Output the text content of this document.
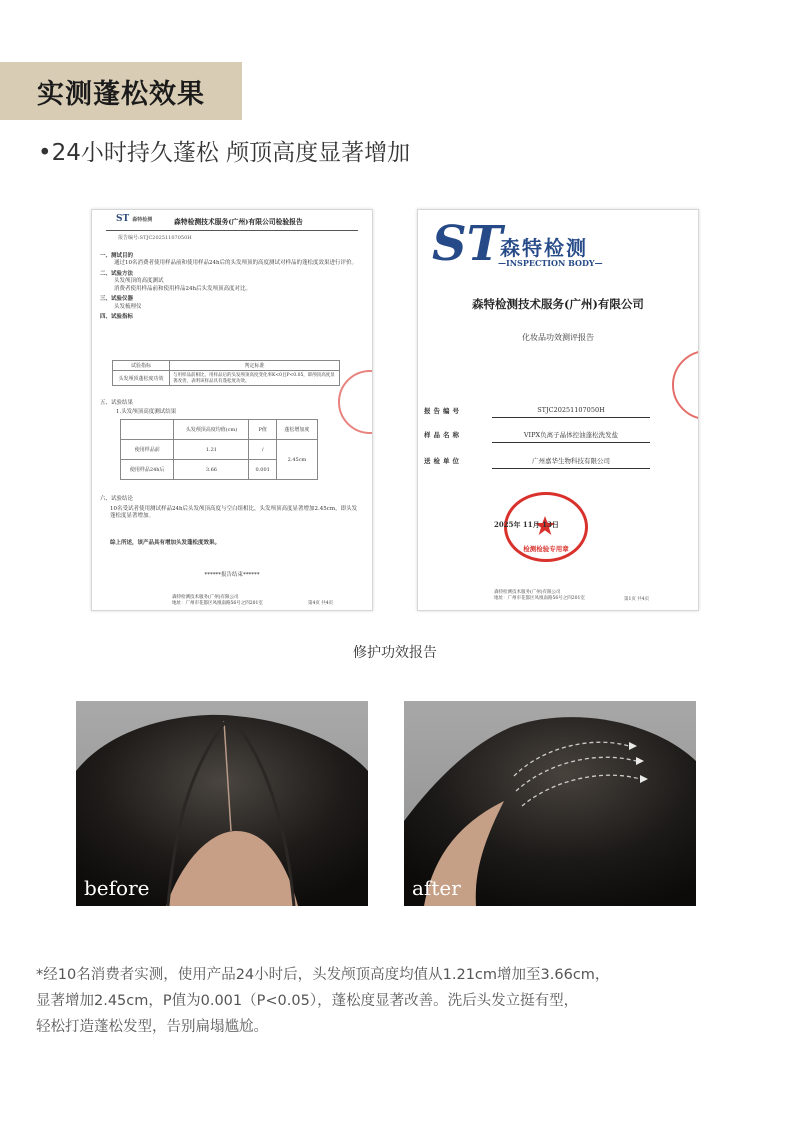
实测蓬松效果
•24小时持久蓬松 颅顶高度显著增加
ST 森特检测	森特检测技术服务(广州)有限公司检验报告
报告编号:STJC20251107050H
一、测试目的
通过10名消费者使用样品前和使用样品24h后的头发颅顶的高度测试对样品的蓬松度效果进行评价。
二、试验方法
头发颅顶的高度测试
消费者使用样品前和使用样品24h后头发颅顶高度对比。
三、试验仪器
头发梳理仪
四、试验指标
试验指标	判定标准
头发颅顶蓬松度功效	与用样品前相比，用样品后的头发颅顶高度变化率K<0且P<0.05，即颅顶高度显著改善，表明该样品具有蓬松度功效。
五、试验结果
1.头发颅顶高度测试结果
	头发颅顶高度均值(cm)	P值	蓬松增加度
使用样品前	1.21	/	2.45cm
使用样品24h后	3.66	0.001	
六、试验结论
10名受试者使用测试样品24h后头发颅顶高度与空白组相比，头发颅顶高度显著增加2.45cm，即头发蓬松度显著增加。
综上所述，该产品具有增加头发蓬松度效果。
******报告结束******
森特检测技术服务(广州)有限公司
地址：广州市花都区凤凰南路56号之四201室	第4页 共4页
ST
森特检测
—INSPECTION BODY—
森特检测技术服务(广州)有限公司
化妆品功效测评报告
报告编号	STJC20251107050H
样品名称	VIPX负离子晶体控油蓬松洗发盐
送检单位	广州嘉华生物科技有限公司
检测检验专用章
2025年 11月 13日
森特检测技术服务(广州)有限公司
地址：广州市花都区凤凰南路56号之四201室	第1页 共4页
修护功效报告
before	after
*经10名消费者实测，使用产品24小时后，头发颅顶高度均值从1.21cm增加至3.66cm，
显著增加2.45cm，P值为0.001（P<0.05），蓬松度显著改善。洗后头发立挺有型，
轻松打造蓬松发型，告别扁塌尴尬。
